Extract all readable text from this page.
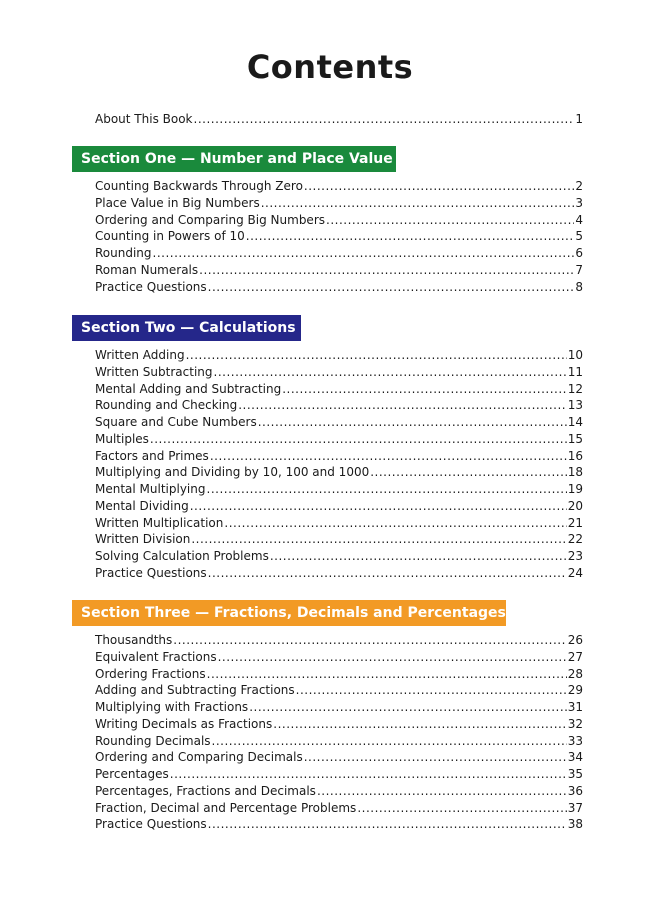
Contents
About This Book .....	1
Section One — Number and Place Value
Counting Backwards Through Zero .....	2
Place Value in Big Numbers .....	3
Ordering and Comparing Big Numbers .....	4
Counting in Powers of 10 .....	5
Rounding .....	6
Roman Numerals .....	7
Practice Questions .....	8
Section Two — Calculations
Written Adding .....	10
Written Subtracting .....	11
Mental Adding and Subtracting .....	12
Rounding and Checking .....	13
Square and Cube Numbers .....	14
Multiples .....	15
Factors and Primes .....	16
Multiplying and Dividing by 10, 100 and 1000 .....	18
Mental Multiplying .....	19
Mental Dividing .....	20
Written Multiplication .....	21
Written Division .....	22
Solving Calculation Problems .....	23
Practice Questions .....	24
Section Three — Fractions, Decimals and Percentages
Thousandths .....	26
Equivalent Fractions .....	27
Ordering Fractions .....	28
Adding and Subtracting Fractions .....	29
Multiplying with Fractions .....	31
Writing Decimals as Fractions .....	32
Rounding Decimals .....	33
Ordering and Comparing Decimals .....	34
Percentages .....	35
Percentages, Fractions and Decimals .....	36
Fraction, Decimal and Percentage Problems .....	37
Practice Questions .....	38
